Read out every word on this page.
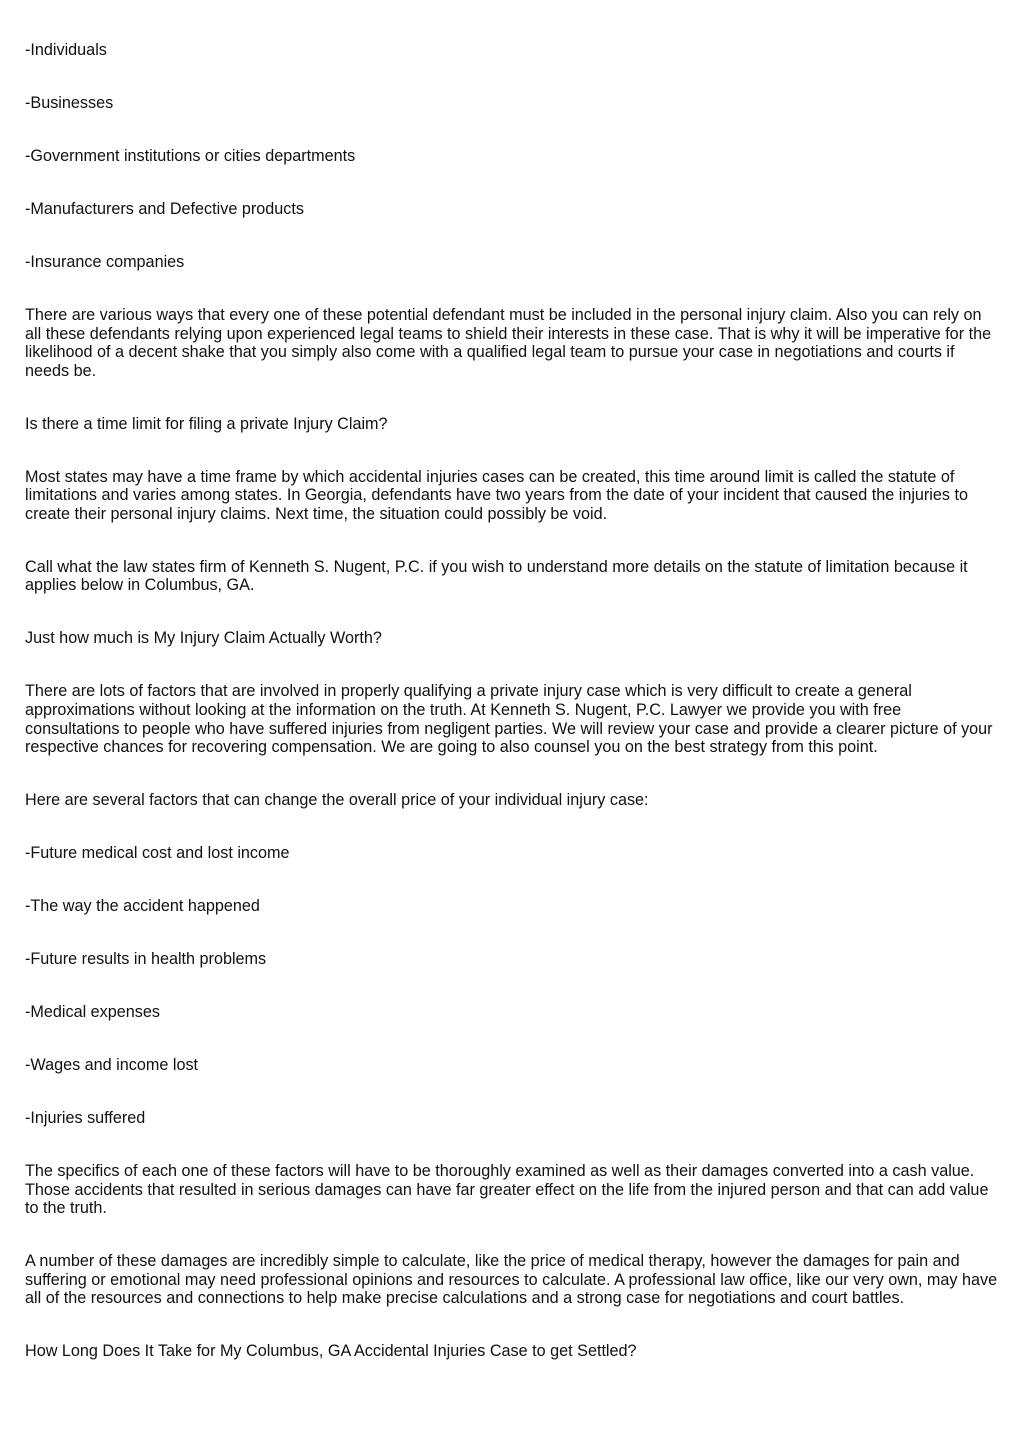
-Individuals
-Businesses
-Government institutions or cities departments
-Manufacturers and Defective products
-Insurance companies
There are various ways that every one of these potential defendant must be included in the personal injury claim. Also you can rely on all these defendants relying upon experienced legal teams to shield their interests in these case. That is why it will be imperative for the likelihood of a decent shake that you simply also come with a qualified legal team to pursue your case in negotiations and courts if needs be.
Is there a time limit for filing a private Injury Claim?
Most states may have a time frame by which accidental injuries cases can be created, this time around limit is called the statute of limitations and varies among states. In Georgia, defendants have two years from the date of your incident that caused the injuries to create their personal injury claims. Next time, the situation could possibly be void.
Call what the law states firm of Kenneth S. Nugent, P.C. if you wish to understand more details on the statute of limitation because it applies below in Columbus, GA.
Just how much is My Injury Claim Actually Worth?
There are lots of factors that are involved in properly qualifying a private injury case which is very difficult to create a general approximations without looking at the information on the truth. At Kenneth S. Nugent, P.C. Lawyer we provide you with free consultations to people who have suffered injuries from negligent parties. We will review your case and provide a clearer picture of your respective chances for recovering compensation. We are going to also counsel you on the best strategy from this point.
Here are several factors that can change the overall price of your individual injury case:
-Future medical cost and lost income
-The way the accident happened
-Future results in health problems
-Medical expenses
-Wages and income lost
-Injuries suffered
The specifics of each one of these factors will have to be thoroughly examined as well as their damages converted into a cash value. Those accidents that resulted in serious damages can have far greater effect on the life from the injured person and that can add value to the truth.
A number of these damages are incredibly simple to calculate, like the price of medical therapy, however the damages for pain and suffering or emotional may need professional opinions and resources to calculate. A professional law office, like our very own, may have all of the resources and connections to help make precise calculations and a strong case for negotiations and court battles.
How Long Does It Take for My Columbus, GA Accidental Injuries Case to get Settled?
